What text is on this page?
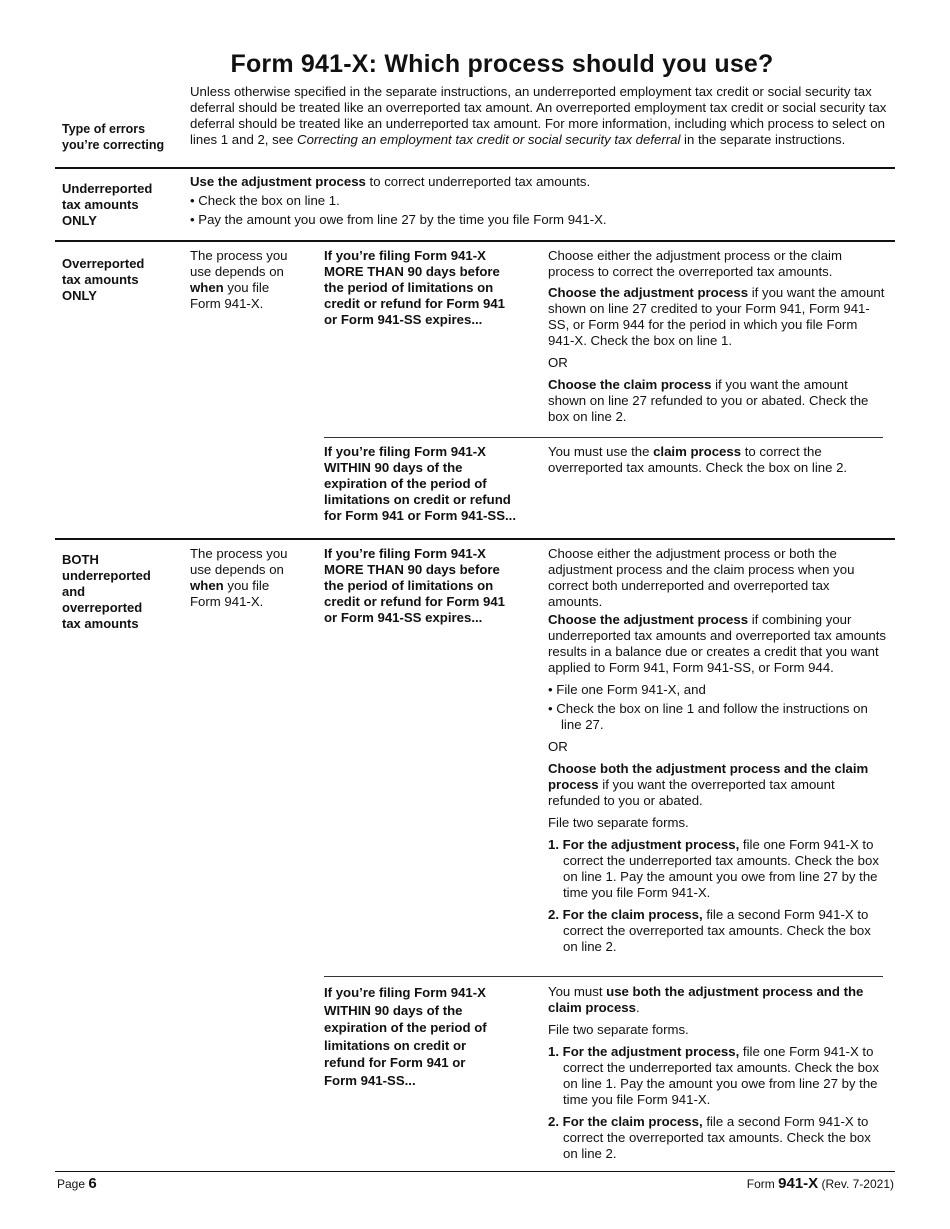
Form 941-X: Which process should you use?
Type of errors
you’re correcting
Unless otherwise specified in the separate instructions, an underreported employment tax credit or social security tax deferral should be treated like an overreported tax amount. An overreported employment tax credit or social security tax deferral should be treated like an underreported tax amount. For more information, including which process to select on lines 1 and 2, see Correcting an employment tax credit or social security tax deferral in the separate instructions.
Underreported
tax amounts
ONLY

Use the adjustment process to correct underreported tax amounts.

• Check the box on line 1.

• Pay the amount you owe from line 27 by the time you file Form 941-X.

Overreported
tax amounts
ONLY
The process you
use depends on
when you file
Form 941-X.
If you’re filing Form 941-X
MORE THAN 90 days before
the period of limitations on
credit or refund for Form 941
or Form 941-SS expires...

Choose either the adjustment process or the claim process to correct the overreported tax amounts.

Choose the adjustment process if you want the amount shown on line 27 credited to your Form 941, Form 941-SS, or Form 944 for the period in which you file Form 941-X. Check the box on line 1.

OR

Choose the claim process if you want the amount shown on line 27 refunded to you or abated. Check the box on line 2.

If you’re filing Form 941-X
WITHIN 90 days of the
expiration of the period of
limitations on credit or refund
for Form 941 or Form 941-SS...
You must use the claim process to correct the overreported tax amounts. Check the box on line 2.
BOTH
underreported
and
overreported
tax amounts
The process you
use depends on
when you file
Form 941-X.
If you’re filing Form 941-X
MORE THAN 90 days before
the period of limitations on
credit or refund for Form 941
or Form 941-SS expires...

Choose either the adjustment process or both the adjustment process and the claim process when you correct both underreported and overreported tax amounts.

Choose the adjustment process if combining your underreported tax amounts and overreported tax amounts results in a balance due or creates a credit that you want applied to Form 941, Form 941-SS, or Form 944.

• File one Form 941-X, and

• Check the box on line 1 and follow the instructions on line 27.

OR

Choose both the adjustment process and the claim process if you want the overreported tax amount refunded to you or abated.

File two separate forms.

1. For the adjustment process, file one Form 941-X to correct the underreported tax amounts. Check the box on line 1. Pay the amount you owe from line 27 by the time you file Form 941-X.

2. For the claim process, file a second Form 941-X to correct the overreported tax amounts. Check the box on line 2.

If you’re filing Form 941-X
WITHIN 90 days of the
expiration of the period of
limitations on credit or
refund for Form 941 or
Form 941-SS...

You must use both the adjustment process and the claim process.

File two separate forms.

1. For the adjustment process, file one Form 941-X to correct the underreported tax amounts. Check the box on line 1. Pay the amount you owe from line 27 by the time you file Form 941-X.

2. For the claim process, file a second Form 941-X to correct the overreported tax amounts. Check the box on line 2.

Page 6	Form 941-X (Rev. 7-2021)
